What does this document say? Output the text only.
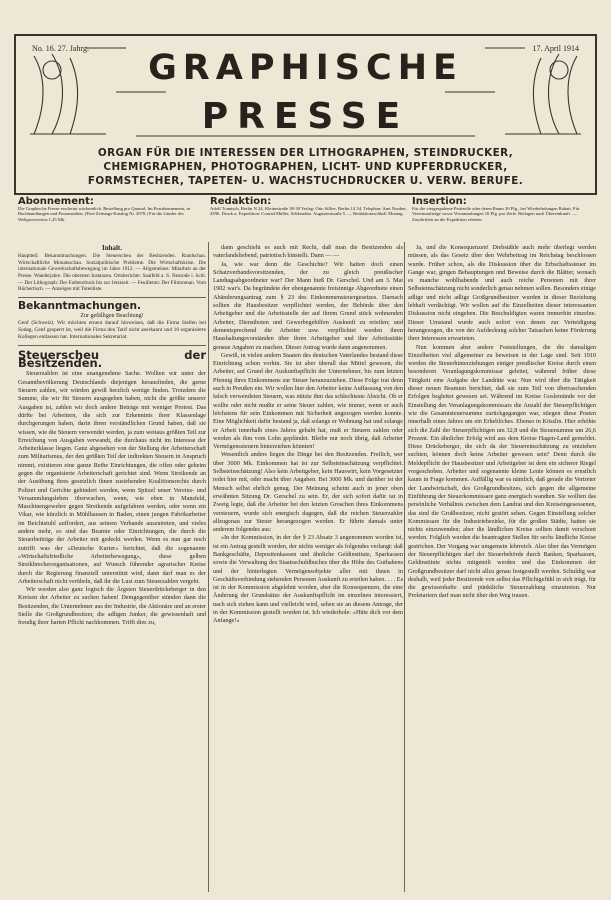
No. 16. 27. Jahrg.	17. April 1914
GRAPHISCHE
PRESSE
ORGAN FÜR DIE INTERESSEN DER LITHOGRAPHEN, STEINDRUCKER,
CHEMIGRAPHEN, PHOTOGRAPHEN, LICHT- UND KUPFERDRUCKER,
FORMSTECHER, TAPETEN- U. WACHSTUCHDRUCKER U. VERW. BERUFE.
Abonnement:
Die Graphische Presse erscheint wöchentlich. Bestellung pro Quartal: Im Postabonnement, in Buchhandlungen und Postanstalten. (Post-Zeitungs-Katalog Nr. 3078.) Für die Länder des Weltpostvereins 1,25 Mk.
Redaktion:
Adolf Tonnisch, Berlin N 24, Kleinestraße 38-39 Verlag: Otto Sillier, Berlin 14 34. Telephon: Amt Norden, 4396. Druck u. Expedition: Conrad Müller, Schkeuditz. Augustenstraße 5. — Redaktionsschluß: Montag.
Insertion:
Für die viergespaltene Petitzeile oder deren Raum 30 Pfg., bei Wiederholungen Rabatt. Für Vereinsaufträge sowie Versammlungen 10 Pfg. pro Zeile. Beilagen nach Übereinkunft. — Zuschriften an die Expedition erbeten.
Inhalt.
Hauptteil: Bekanntmachungen. Die Steuerscheu der Besitzenden. Rundschau. Wirtschaftliche Monatsschau. Sozialpolitische Probleme. Die Wirtschaftskrise. Die internationale Gewerkschaftsbewegung im Jahre 1912. — Allgemeines: Mitarbeit an der Presse. Wanderjahre. Die obersten Instanzen. Ortsberichte: Saalfeld a. S. Neurode i. Schl. — Der Lithograph: Der Farbendruck bis zur Jetztzeit. — Feuilleton: Der Filmroman. Vom Büchertisch. — Anzeigen mit Totenliste.
Bekanntmachungen.
Zur gefälligen Beachtung!
Genf (Schweiz). Wir möchten erneut darauf hinweisen, daß die Firma Stellen bei Sodag, Genf gesperrt ist, weil die Firma den Tarif nicht anerkannt und 10 organisierte Kollegen entlassen hat. Internationales Sekretariat.
Steuerscheu der Besitzenden.

Steuerzahlen ist eine unangenehme Sache. Wollten wir unter der Gesamtbevölkerung Deutschlands diejenigen herausfinden, die gerne Steuern zahlen, wir würden gewiß herzlich wenige finden. Trotzdem die Summe, die wir für Steuern ausgegeben haben, nicht die größte unserer Ausgaben ist, zahlen wir doch andere Beträge mit weniger Protest. Das dürfte bei Arbeitern, die sich zur Erkenntnis ihrer Klassenlage durchgerungen haben, darin ihren verständlichen Grund haben, daß sie wissen, wie die Steuern verwendet werden, ja zum weitaus größten Teil zur Erreichung von Ausgaben verwandt, die durchaus nicht im Interesse der Arbeiterklasse liegen. Ganz abgesehen von der Stellung der Arbeiterschaft zum Militarismus, der den größten Teil der indirekten Steuern in Anspruch nimmt, existieren eine ganze Reihe Einrichtungen, die offen oder geheim gegen die organisierte Arbeiterschaft gerichtet sind. Wenn Streikende an der Ausübung ihres gesetzlich ihnen zustehenden Koalitionsrechts durch Polizei und Gerichte gehindert werden, wenn Spitzel unser Vereins- und Versammlungsleben überwachen, wenn, wie eben in Mansfeld, Maschinengewehre gegen Streikende aufgefahren werden, oder wenn ein Vikar, wie kürzlich in Mühlhausen in Baden, einen jungen Fabrikarbeiter im Beichtstuhl auffordert, aus seinem Verbande auszutreten, und vieles andere mehr, so sind das Beamte oder Einrichtungen, die durch die Steuerbeiträge der Arbeiter mit gedeckt werden. Wenn es nun gar noch zutrifft was der »Deutsche Kurier« berichtet, daß die sogenannte »Wirtschaftsfriedliche Arbeiterbewegung«, diese gelben Streikbrecherorganisationen, auf Wunsch führender agrarischer Kreise durch die Regierung finanziell unterstützt wird, dann darf man es der Arbeiterschaft nicht verübeln, daß ihr die Lust zum Steuerzahlen vergeht.

Wir werden also ganz logisch die Ärgsten Steuerdrückeberger in den Kreisen der Arbeiter zu suchen haben! Demgegenüber stünden dann die Besitzenden, die Unternehmer aus der Industrie, die Aktionäre und an erster Stelle die Großgrundbesitzer, die adligen Junker, die gewissenhaft und freudig ihrer harten Pflicht nachkommen. Trifft dies zu,

dann geschieht es auch mit Recht, daß man die Besitzenden als vaterlandsliebend, patriotisch hinstellt. Dann — —

Ja, wie war denn die Geschichte? Wir hatten doch einen Schatzverbandsvorsitzenden, der zu gleich preußischer Landtagsabgeordneter war? Der Mann hieß Dr. Gerschel. Und am 3. Mai 1902 war's. Da begründete der ebengenannte freisinnige Abgeordnete einen Abänderungsantrag zum § 23 des Einkommensteuergesetzes. Darnach sollten die Hausbesitzer verpflichtet werden, der Behörde über den Arbeitgeber und die Arbeitsstelle der auf ihrem Grund stück wohnenden Arbeiter, Dienstboten und Gewerbegehilfen Auskunft zu erteilen; und dementsprechend die Arbeiter usw. verpflichtet werden ihren Haushaltungsvorständen über ihren Arbeitgeber und ihre Arbeitsstätte genaue Angaben zu machen. Dieser Antrag wurde dann angenommen.

Gewiß, in vielen andern Staaten des deutschen Vaterlandes bestand diese Einrichtung schon vorhin. Sie ist aber überall das Mittel gewesen, die Arbeiter, auf Grund der Auskunftspflicht der Unternehmer, bis zum letzten Pfennig ihres Einkommens zur Steuer heranzuziehen. Diese Folge trat denn auch in Preußen ein. Wir wollen hier den Arbeiter keine Auffassung von den falsch verwendeten Steuern, was nützte ihm das schlechteste Absicht. Ob er wollte oder nicht mußte er seine Steuer zahlen, wie immer, wenn er auch höchstens für sein Einkommen mit Sicherheit angezogen werden konnte. Eine Möglichkeit dafür bestand ja, daß solange er Wohnung hat und solange er Arbeit innerhalb eines Jahres gehabt hat, muß er Steuern zahlen oder werden als ihm vom Lohn gepfändet. Bleibe nur noch übrig, daß Arbeiter Vermögenssteuern hinterziehen könnten!

Wesentlich anders liegen die Dinge bei den Besitzenden. Freilich, wer über 3000 Mk. Einkommen hat ist zur Selbsteinschätzung verpflichtet. Selbsteinschätzung! Also kein Arbeitgeber, kein Hauswirt, kein Vorgesetzter redet hier mit, oder macht über Angaben. Bei 3000 Mk. und darüber ist der Mensch selbst ehrlich genug. Der Meinung scheint auch in jener oben erwähnten Sitzung Dr. Gerschel zu sein. Er, der sich sofort dafür tat in Zweig legte, daß die Arbeiter bei den letzten Groschen ihres Einkommens versteuern, wurde sich energisch dagegen, daß die reichen Steuerzahler allzugenau zur Steuer herangezogen werden. Er führte damals unter anderem folgendes aus:

»In der Kommission, in der der § 23 Absatz 3 angenommen worden ist, ist ein Antrag gestellt worden, der nichts weniger als folgendes verlangt: daß Bankgeschäfte, Depositenkassen und ähnliche Geldinstitute, Sparkassen sowie die Verwaltung des Staatsschuldbuches über die Höhe des Guthabens und der hinterlegten Vermögensobjekte aller mit ihnen in Geschäftsverbindung stehenden Personen Auskunft zu erteilen haben. . . . Es ist in der Kommission abgelehnt worden, aber die Konsequenzen, die eine Änderung der Grundsätze der Auskunftspflicht im einzelnen interessiert, nach sich ziehen kann und vielleicht wird, sehen sie an diesem Antrage, der in der Kommission gestellt worden ist. Ich wiederhole: »Hüte dich vor dem Anfange!«

Ja, und die Konsequenzen! Diebstähle auch mehr überlegt werden müssen, als das Gesetz über den Wehrbeitrag im Reichstag beschlossen wurde. Früher schon, als die Diskussion über die Erbschaftssteuer im Gange war, gingen Behauptungen und Beweise durch die Blätter, wonach es manche wohlhabende und auch reiche Personen mit ihrer Selbsteinschätzung nicht sonderlich genau nehmen sollen. Besonders einige adlige und nicht adlige Großgrundbesitzer wurden in dieser Beziehung lebhaft verdächtigt. Wir wollen auf die Einzelheiten dieser interessanten Diskussion nicht eingehen. Die Beschuldigten waren immerhin einzelne. Dieser Umstand wurde auch sofort von denen zur Verteidigung herangezogen, die von der Aufdeckung solcher Tatsachen keine Förderung ihrer Interessen erwarteten.

Nun kommen aber andere Feststellungen, die die damaligen Einzelheiten viel allgemeiner zu beweisen in der Lage sind. Seit 1910 werden die Steuerhinterziehungen einiger preußischer Kreise durch einen besonderen Veranlagungskommissar geleitet, während früher diese Tätigkeit eine Aufgabe der Landräte war. Nun wird über die Tätigkeit dieser neuen Beamten berichtet, daß sie zum Teil von überraschenden Erfolgen begleitet gewesen sei. Während im Kreise Goslemünde vor der Einstellung des Veranlagungskommissars die Anzahl der Steuerpflichtigen wie die Gesamtsteuersumme zurückgegangen war, stiegen diese Posten innerhalb eines Jahres um ein Erhebliches. Ebenso in Kösslin. Hier erhöhte sich die Zahl der Steuerpflichtigen um 32,8 und die Steuersumme um 26,6 Prozent. Ein ähnlicher Erfolg wird aus dem Kreise Hagen-Land gemeldet. Diese Drückeberger, die sich da der Steuereinschätzung zu entziehen suchten, können doch keine Arbeiter gewesen sein? Denn durch die Meldepflicht der Hausbesitzer und Arbeitgeber ist dem ein sicherer Riegel vorgeschoben. Arbeiter und sogenannte kleine Leute können es ernstlich kaum in Frage kommen. Auffällig war es nämlich, daß gerade die Vertreter der Landwirtschaft, des Großgrundbesitzes, sich gegen die allgemeine Einführung der Steuerkommissare ganz energisch wandten. Sie wollten das persönliche Verhältnis zwischen dem Landrat und den Kreiseingesessenen, das sind die Großbesitzer, nicht gestört sehen. Gegen Einstellung solcher Kommissare für die Industriebezirke, für die großen Städte, hatten sie nichts einzuwenden; aber die ländlichen Kreise sollten damit verschont werden. Folglich wurden die beantragten Stellen für sechs ländliche Kreise gestrichen. Der Vorgang war umgemein lehrreich. Also über das Vermögen der Steuerpflichtigen darf der Steuerbehörde durch Banken, Sparkassen, Geldinstitute nichts mitgeteilt werden und das Einkommen der Großgrundbesitzer darf nicht allzu genau festgestellt werden. Schuldig war deshalb, weil jeder Besitzende von selbst das Pflichtgefühl in sich trägt, für die gewissenhafte und pünktliche Steuerzahlung einzutreten. Nur Proletariern darf man nicht über den Weg trauen.
